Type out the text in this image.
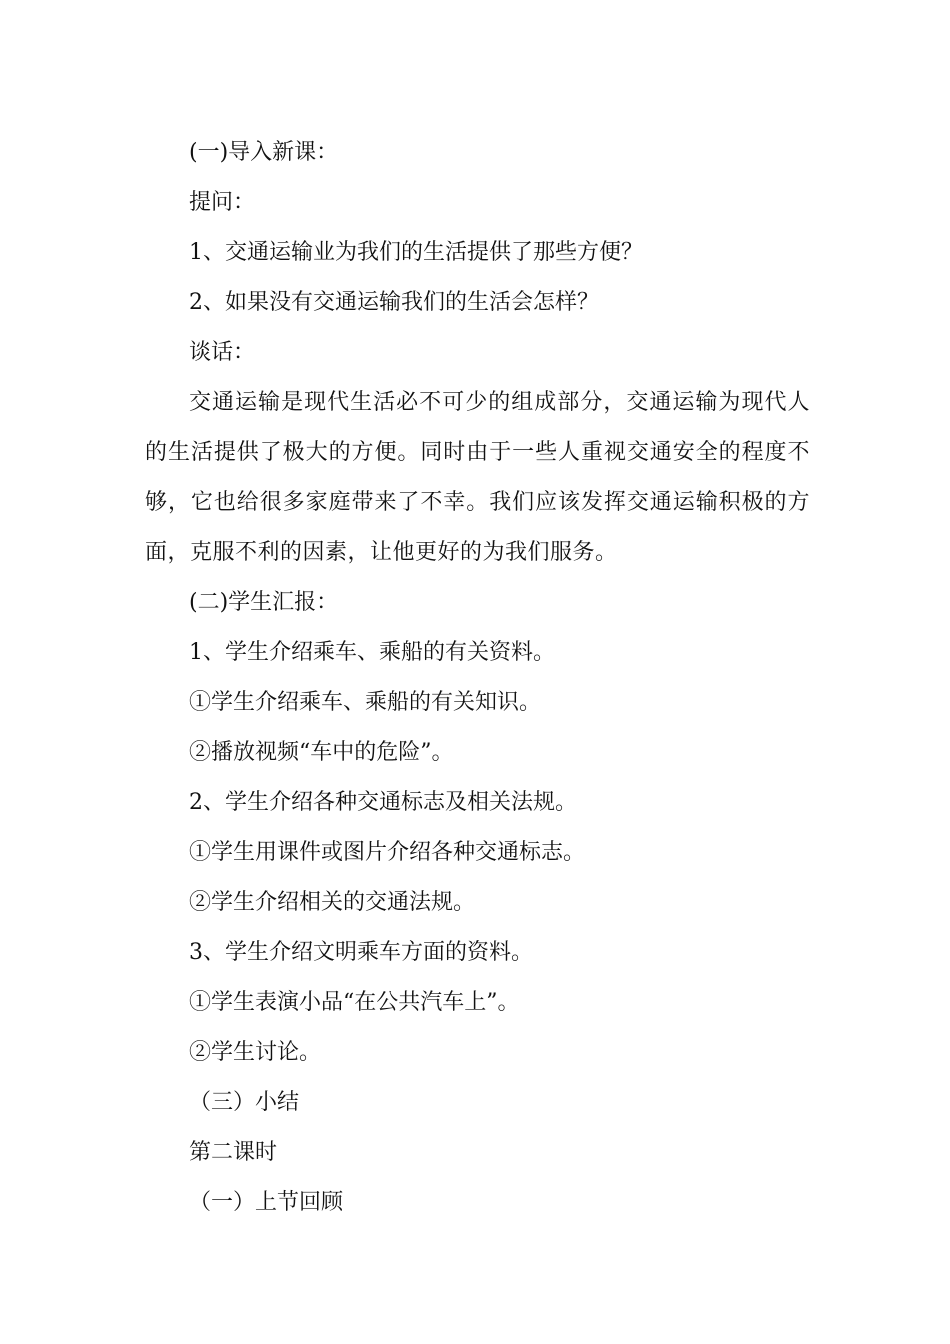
(一)导入新课：

提问：

1、交通运输业为我们的生活提供了那些方便？

2、如果没有交通运输我们的生活会怎样？

谈话：

交通运输是现代生活必不可少的组成部分，交通运输为现代人的生活提供了极大的方便。同时由于一些人重视交通安全的程度不够，它也给很多家庭带来了不幸。我们应该发挥交通运输积极的方面，克服不利的因素，让他更好的为我们服务。

(二)学生汇报：

1、学生介绍乘车、乘船的有关资料。

①学生介绍乘车、乘船的有关知识。

②播放视频“车中的危险”。

2、学生介绍各种交通标志及相关法规。

①学生用课件或图片介绍各种交通标志。

②学生介绍相关的交通法规。

3、学生介绍文明乘车方面的资料。

①学生表演小品“在公共汽车上”。

②学生讨论。

（三）小结

第二课时

（一）上节回顾
